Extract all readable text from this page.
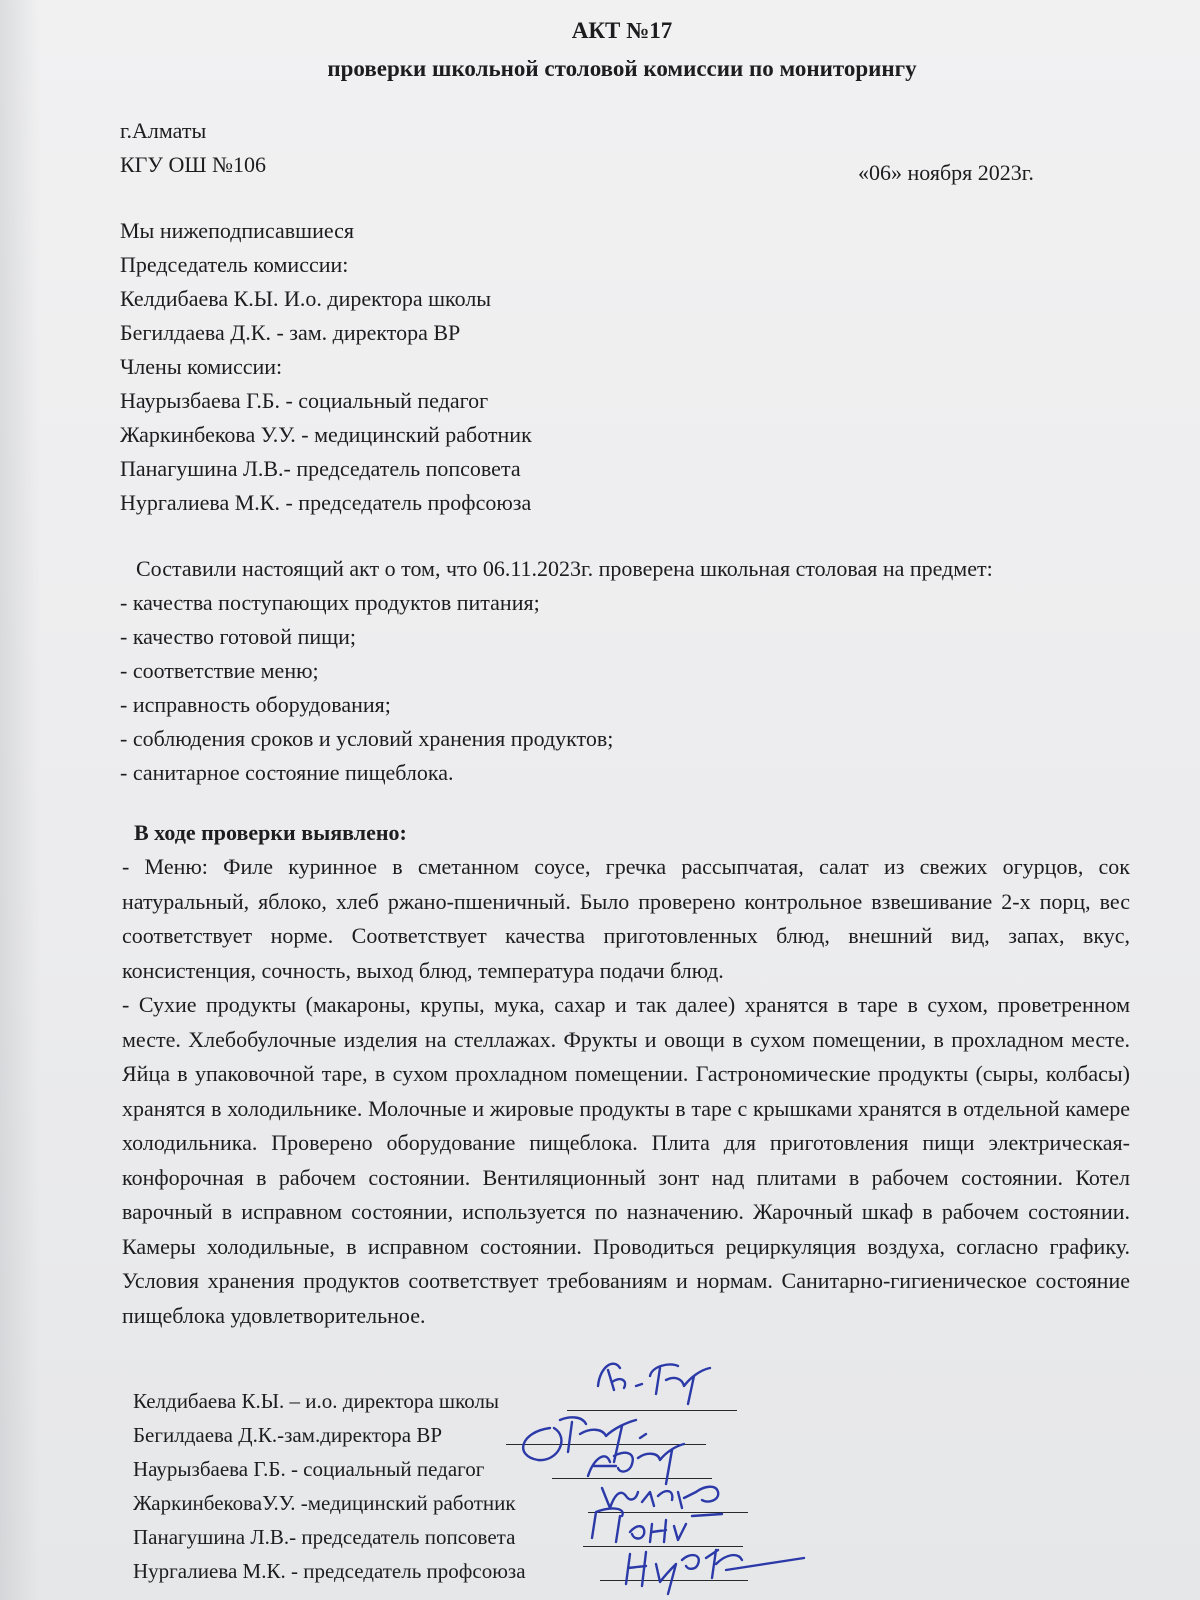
АКТ №17
проверки школьной столовой комиссии по мониторингу
г.Алматы
КГУ ОШ №106	«06» ноября 2023г.
Мы нижеподписавшиеся
Председатель комиссии:
Келдибаева К.Ы. И.о. директора школы
Бегилдаева Д.К. - зам. директора ВР
Члены комиссии:
Наурызбаева Г.Б. - социальный педагог
Жаркинбекова У.У. - медицинский работник
Панагушина Л.В.- председатель попсовета
Нургалиева М.К. - председатель профсоюза
Составили настоящий акт о том, что 06.11.2023г. проверена школьная столовая на предмет:
- качества поступающих продуктов питания;
- качество готовой пищи;
- соответствие меню;
- исправность оборудования;
- соблюдения сроков и условий хранения продуктов;
- санитарное состояние пищеблока.
В ходе проверки выявлено:

- Меню: Филе куринное в сметанном соусе, гречка рассыпчатая, салат из свежих огурцов, сок натуральный, яблоко, хлеб ржано-пшеничный. Было проверено контрольное взвешивание 2-х порц, вес соответствует норме. Соответствует качества приготовленных блюд, внешний вид, запах, вкус, консистенция, сочность, выход блюд, температура подачи блюд.

- Сухие продукты (макароны, крупы, мука, сахар и так далее) хранятся в таре в сухом, проветренном месте. Хлебобулочные изделия на стеллажах. Фрукты и овощи в сухом помещении, в прохладном месте. Яйца в упаковочной таре, в сухом прохладном помещении. Гастрономические продукты (сыры, колбасы) хранятся в холодильнике. Молочные и жировые продукты в таре с крышками хранятся в отдельной камере холодильника. Проверено оборудование пищеблока. Плита для приготовления пищи электрическая-конфорочная в рабочем состоянии. Вентиляционный зонт над плитами в рабочем состоянии. Котел варочный в исправном состоянии, используется по назначению. Жарочный шкаф в рабочем состоянии. Камеры холодильные, в исправном состоянии. Проводиться рециркуляция воздуха, согласно графику. Условия хранения продуктов соответствует требованиям и нормам. Санитарно-гигиеническое состояние пищеблока удовлетворительное.

Келдибаева К.Ы. – и.о. директора школы
Бегилдаева Д.К.-зам.директора ВР
Наурызбаева Г.Б. - социальный педагог
ЖаркинбековаУ.У. -медицинский работник
Панагушина Л.В.- председатель попсовета
Нургалиева М.К. - председатель профсоюза
